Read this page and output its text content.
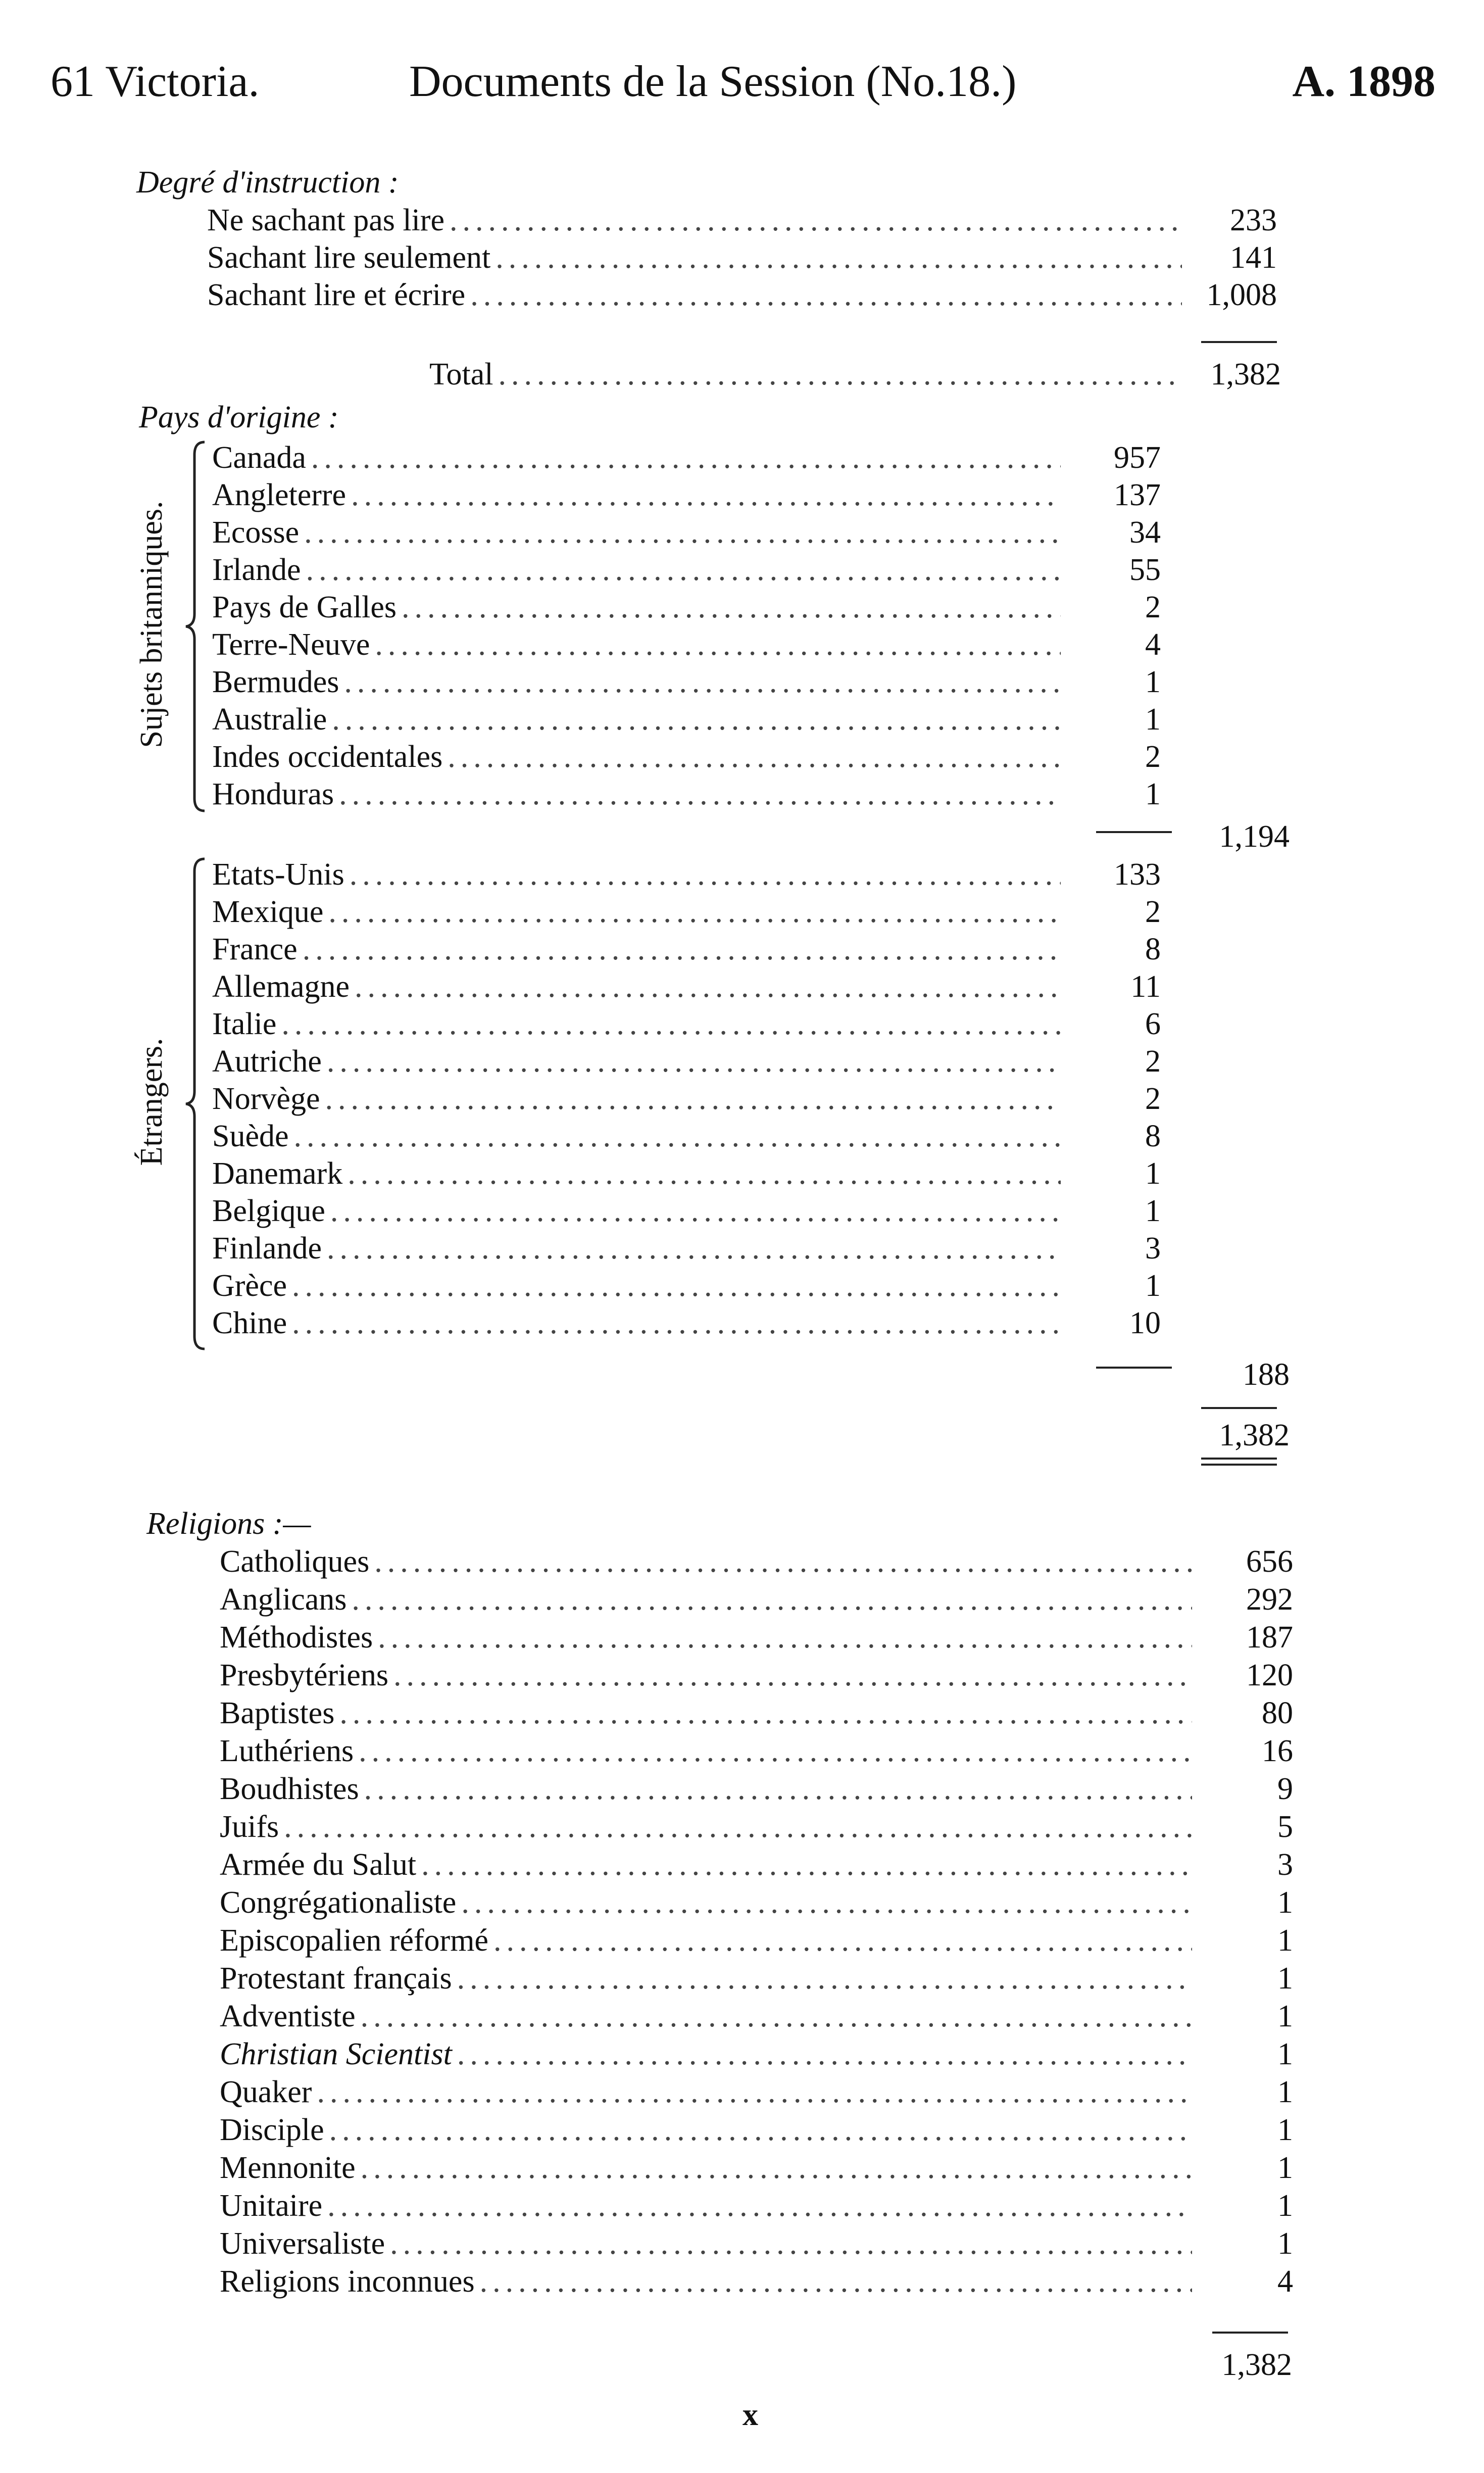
61 Victoria.	Documents de la Session (No.18.)	A. 1898
Degré d'instruction :
Ne sachant pas lire .....	233
Sachant lire seulement .....	141
Sachant lire et écrire .....	1,008
Total .....	1,382
Pays d'origine :
Sujets britanniques.
Canada .....	957
Angleterre .....	137
Ecosse .....	34
Irlande .....	55
Pays de Galles .....	2
Terre-Neuve .....	4
Bermudes .....	1
Australie .....	1
Indes occidentales .....	2
Honduras .....	1
1,194
Étrangers.
Etats-Unis .....	133
Mexique .....	2
France .....	8
Allemagne .....	11
Italie .....	6
Autriche .....	2
Norvège .....	2
Suède .....	8
Danemark .....	1
Belgique .....	1
Finlande .....	3
Grèce .....	1
Chine .....	10
188
1,382
Religions :—
Catholiques .....	656
Anglicans .....	292
Méthodistes .....	187
Presbytériens .....	120
Baptistes .....	80
Luthériens .....	16
Boudhistes .....	9
Juifs .....	5
Armée du Salut .....	3
Congrégationaliste .....	1
Episcopalien réformé .....	1
Protestant français .....	1
Adventiste .....	1
Christian Scientist .....	1
Quaker .....	1
Disciple .....	1
Mennonite .....	1
Unitaire .....	1
Universaliste .....	1
Religions inconnues .....	4
1,382
x
